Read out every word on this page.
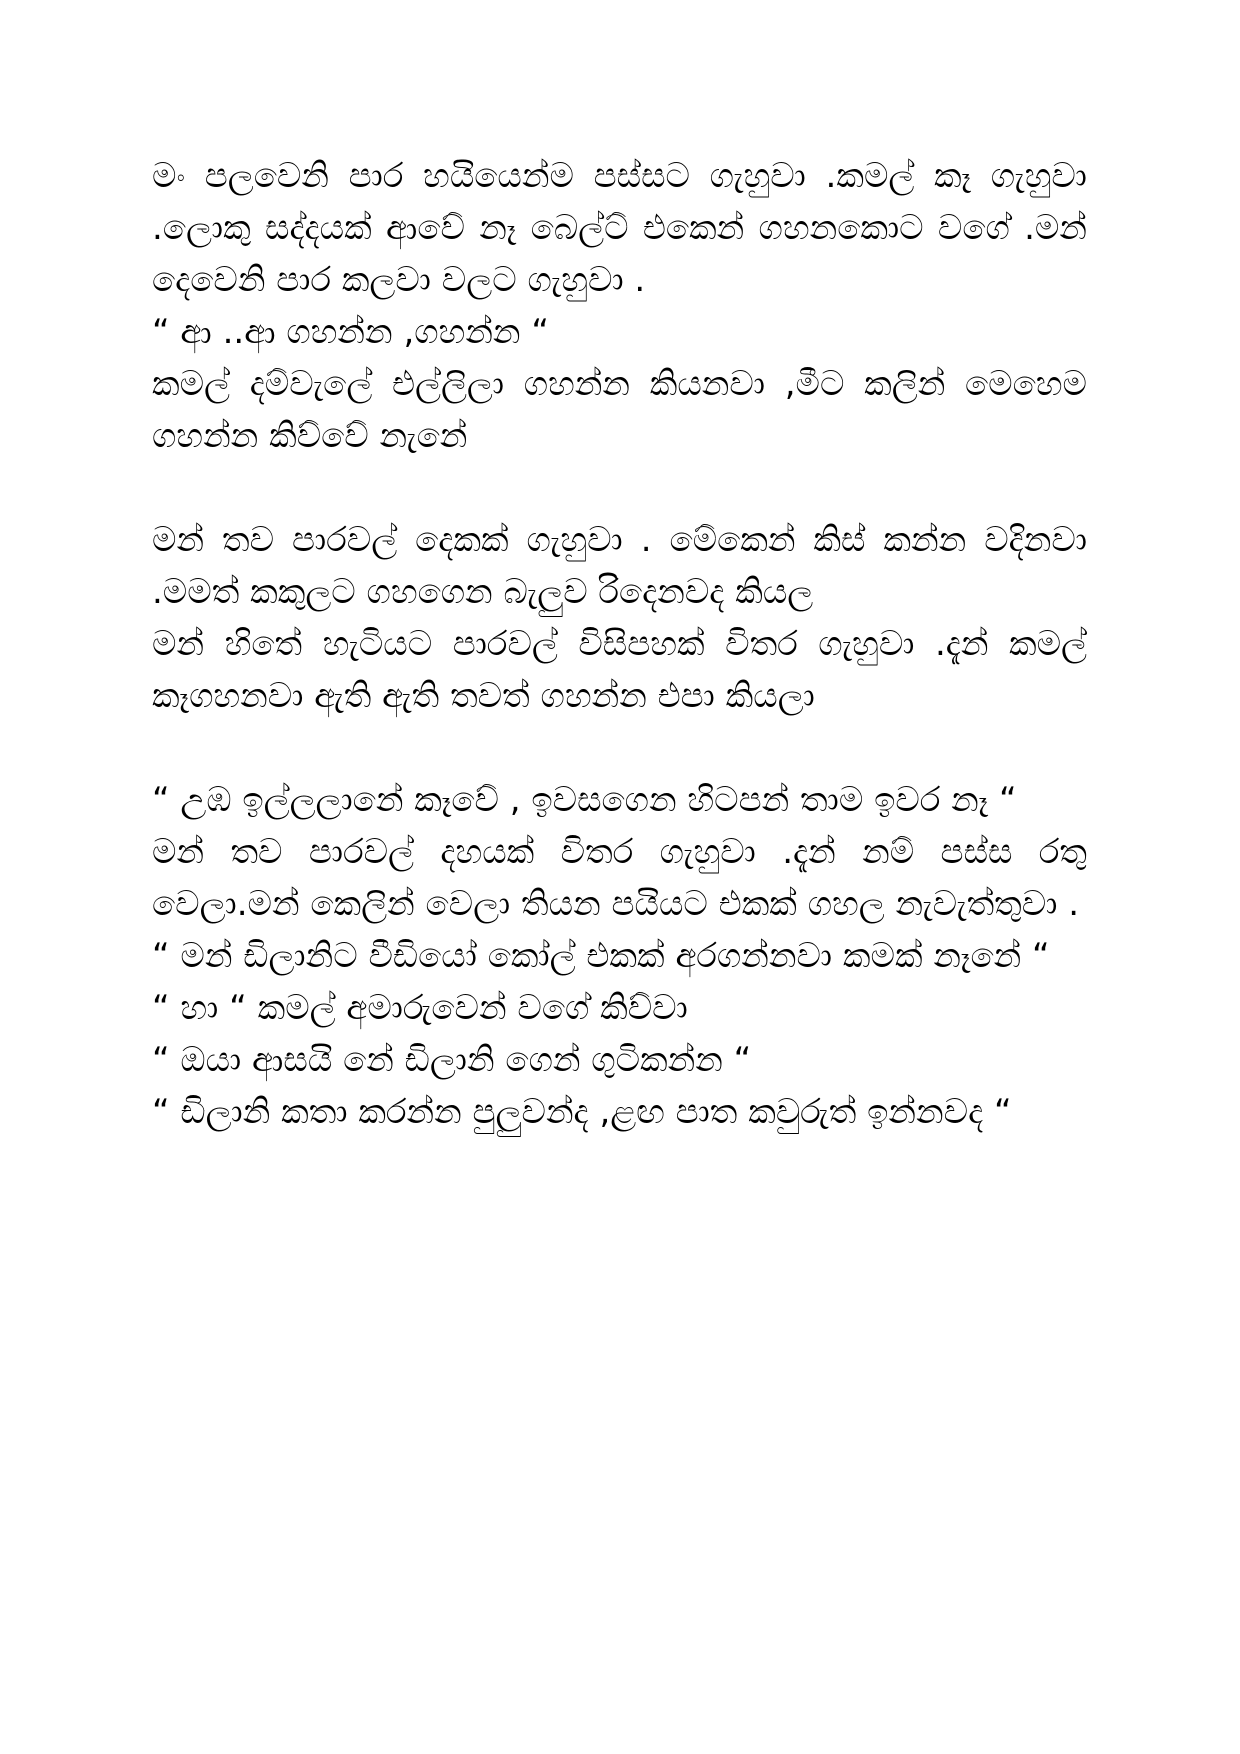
මං පලවෙනි පාර හයියෙන්ම පස්සට ගැහුවා .කමල් කෑ ගැහුවා .ලොකු සද්දයක් ආවේ නෑ බෙල්ට් එකෙන් ගහනකොට වගේ .මන් දෙවෙනි පාර කලවා වලට ගැහුවා .

“ ආ ..ආ ගහන්න ,ගහන්න “

කමල් දම්වැලේ එල්ලිලා ගහන්න කියනවා ,මීට කලින් මෙහෙම ගහන්න කිව්වේ නැනේ

මන් තව පාරවල් දෙකක් ගැහුවා . මේකෙන් කිස් කන්න වදිනවා .මමත් කකුලට ගහගෙන බැලුව රිදෙනවද කියල

මන් හිතේ හැටියට පාරවල් විසිපහක් විතර ගැහුවා .දැන් කමල් කෑගහනවා ඇති ඇති තවත් ගහන්න එපා කියලා

“ උඹ ඉල්ලලානේ කෑවේ , ඉවසගෙන හිටපන් තාම ඉවර නෑ “

මන් තව පාරවල් දහයක් විතර ගැහුවා .දැන් නම් පස්ස රතු වෙලා.මන් කෙලින් වෙලා තියන පයියට එකක් ගහල නැවැත්තුවා .

“ මන් ඩිලානිට වීඩියෝ කෝල් එකක් අරගන්නවා කමක් නෑනේ “

“ හා “ කමල් අමාරුවෙන් වගේ කිව්වා

“ ඔයා ආසයි නේ ඩිලානි ගෙන් ගුටිකන්න “

“ ඩිලානි කතා කරන්න පුලුවන්ද ,ළඟ පාත කවුරුත් ඉන්නවද “
